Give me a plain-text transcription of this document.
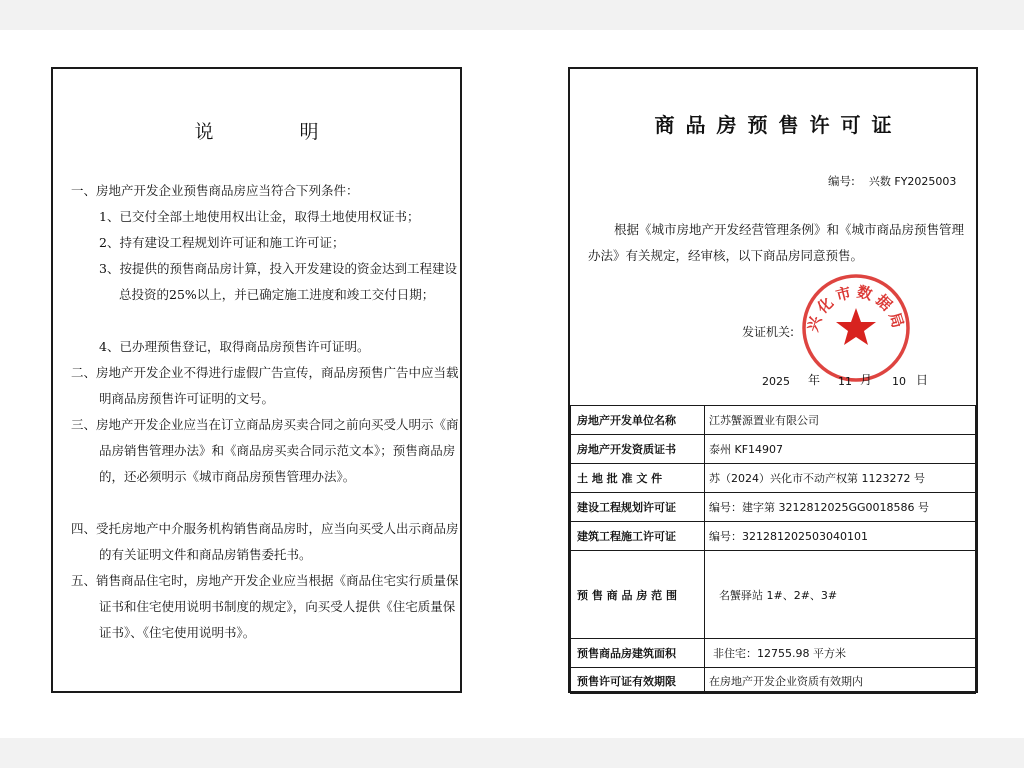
说 明
一、房地产开发企业预售商品房应当符合下列条件：
1、已交付全部土地使用权出让金，取得土地使用权证书；
2、持有建设工程规划许可证和施工许可证；
3、按提供的预售商品房计算，投入开发建设的资金达到工程建设总投资的25%以上，并已确定施工进度和竣工交付日期；
4、已办理预售登记，取得商品房预售许可证明。
二、房地产开发企业不得进行虚假广告宣传，商品房预售广告中应当载明商品房预售许可证明的文号。
三、房地产开发企业应当在订立商品房买卖合同之前向买受人明示《商品房销售管理办法》和《商品房买卖合同示范文本》；预售商品房的，还必须明示《城市商品房预售管理办法》。
四、受托房地产中介服务机构销售商品房时，应当向买受人出示商品房的有关证明文件和商品房销售委托书。
五、销售商品住宅时，房地产开发企业应当根据《商品住宅实行质量保证书和住宅使用说明书制度的规定》，向买受人提供《住宅质量保证书》、《住宅使用说明书》。
商品房预售许可证
编号: 兴数 FY2025003
根据《城市房地产开发经营管理条例》和《城市商品房预售管理办法》有关规定，经审核，以下商品房同意预售。
发证机关: 兴化市数据局
2025 年 11 月 10 日
房地产开发单位名称	江苏蟹源置业有限公司
房地产开发资质证书	泰州 KF14907
土 地 批 准 文 件	苏（2024）兴化市不动产权第 1123272 号
建设工程规划许可证	编号：建字第 3212812025GG0018586 号
建筑工程施工许可证	编号：321281202503040101
预 售 商 品 房 范 围	名蟹驿站 1#、2#、3#
预售商品房建筑面积	非住宅：12755.98 平方米
预售许可证有效期限	在房地产开发企业资质有效期内
